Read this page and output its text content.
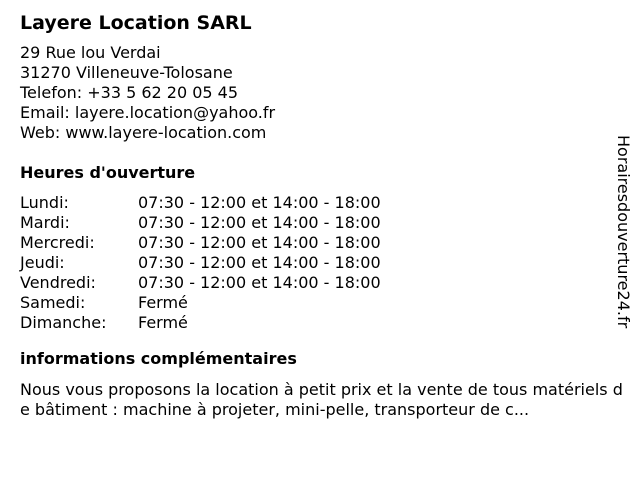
Layere Location SARL
29 Rue lou Verdai
31270 Villeneuve-Tolosane
Telefon: +33 5 62 20 05 45
Email: layere.location@yahoo.fr
Web: www.layere-location.com
Heures d'ouverture
Lundi:	07:30 - 12:00 et 14:00 - 18:00
Mardi:	07:30 - 12:00 et 14:00 - 18:00
Mercredi:	07:30 - 12:00 et 14:00 - 18:00
Jeudi:	07:30 - 12:00 et 14:00 - 18:00
Vendredi:	07:30 - 12:00 et 14:00 - 18:00
Samedi:	Fermé
Dimanche:	Fermé
informations complémentaires
Nous vous proposons la location à petit prix et la vente de tous matériels de bâtiment : machine à projeter, mini-pelle, transporteur de c...
Horairesdouverture24.fr
